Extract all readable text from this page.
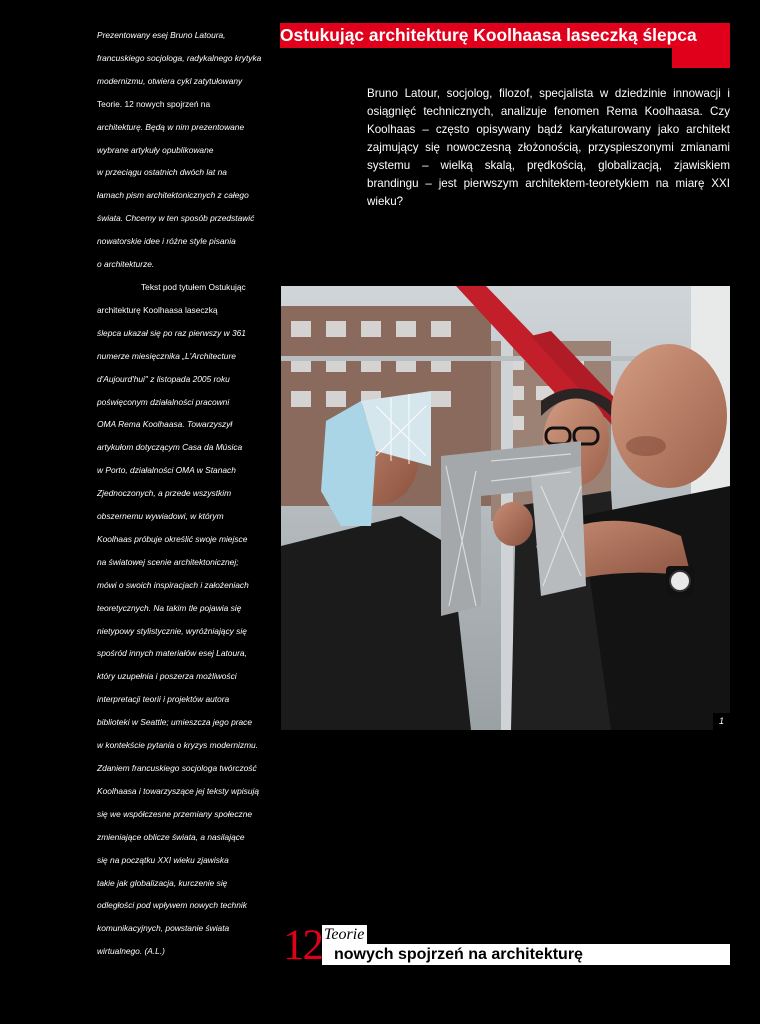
Prezentowany esej Bruno Latoura,
francuskiego socjologa, radykalnego krytyka
modernizmu, otwiera cykl zatytułowany
Teorie. 12 nowych spojrzeń na
architekturę. Będą w nim prezentowane
wybrane artykuły opublikowane
w przeciągu ostatnich dwóch lat na
łamach pism architektonicznych z całego
świata. Chcemy w ten sposób przedstawić
nowatorskie idee i różne style pisania
o architekturze.
Tekst pod tytułem Ostukując
architekturę Koolhaasa laseczką
ślepca ukazał się po raz pierwszy w 361
numerze miesięcznika „L'Architecture
d'Aujourd'hui" z listopada 2005 roku
poświęconym działalności pracowni
OMA Rema Koolhaasa. Towarzyszył
artykułom dotyczącym Casa da Música
w Porto, działalności OMA w Stanach
Zjednoczonych, a przede wszystkim
obszernemu wywiadowi, w którym
Koolhaas próbuje określić swoje miejsce
na światowej scenie architektonicznej;
mówi o swoich inspiracjach i założeniach
teoretycznych. Na takim tle pojawia się
nietypowy stylistycznie, wyróżniający się
spośród innych materiałów esej Latoura,
który uzupełnia i poszerza możliwości
interpretacji teorii i projektów autora
biblioteki w Seattle; umieszcza jego prace
w kontekście pytania o kryzys modernizmu.
Zdaniem francuskiego socjologa twórczość
Koolhaasa i towarzyszące jej teksty wpisują
się we współczesne przemiany społeczne
zmieniające oblicze świata, a nasilające
się na początku XXI wieku zjawiska
takie jak globalizacja, kurczenie się
odległości pod wpływem nowych technik
komunikacyjnych, powstanie świata
wirtualnego. (A.L.)
Ostukując architekturę Koolhaasa laseczką ślepca
Bruno Latour, socjolog, filozof, specjalista w dziedzinie innowacji i osiągnięć technicznych, analizuje fenomen Rema Koolhaasa. Czy Koolhaas – często opisywany bądź karykaturowany jako architekt zajmujący się nowoczesną złożonością, przyspieszonymi zmianami systemu – wielką skalą, prędkością, globalizacją, zjawiskiem brandingu – jest pierwszym architektem-teoretykiem na miarę XXI wieku?
1
12 Teorie
nowych spojrzeń na architekturę
